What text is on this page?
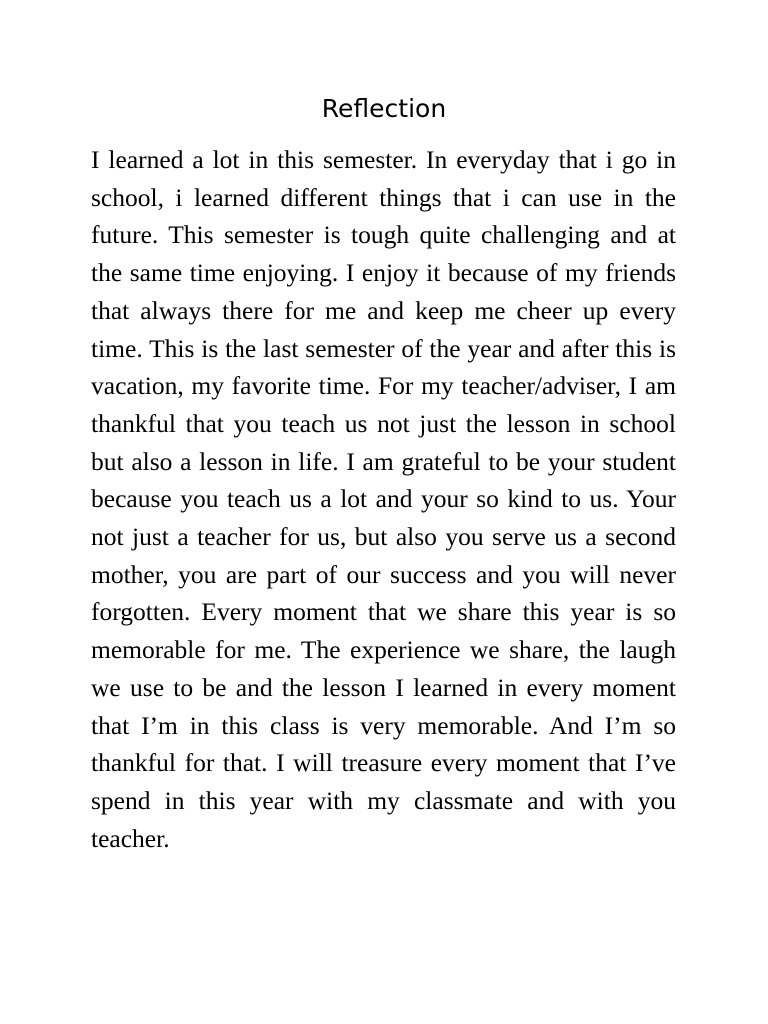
Reflection

I learned a lot in this semester. In everyday that i go in school, i learned different things that i can use in the future. This semester is tough quite challenging and at the same time enjoying. I enjoy it because of my friends that always there for me and keep me cheer up every time. This is the last semester of the year and after this is vacation, my favorite time. For my teacher/adviser, I am thankful that you teach us not just the lesson in school but also a lesson in life. I am grateful to be your student because you teach us a lot and your so kind to us. Your not just a teacher for us, but also you serve us a second mother, you are part of our success and you will never forgotten. Every moment that we share this year is so memorable for me. The experience we share, the laugh we use to be and the lesson I learned in every moment that I’m in this class is very memorable. And I’m so thankful for that. I will treasure every moment that I’ve spend in this year with my classmate and with you teacher.
